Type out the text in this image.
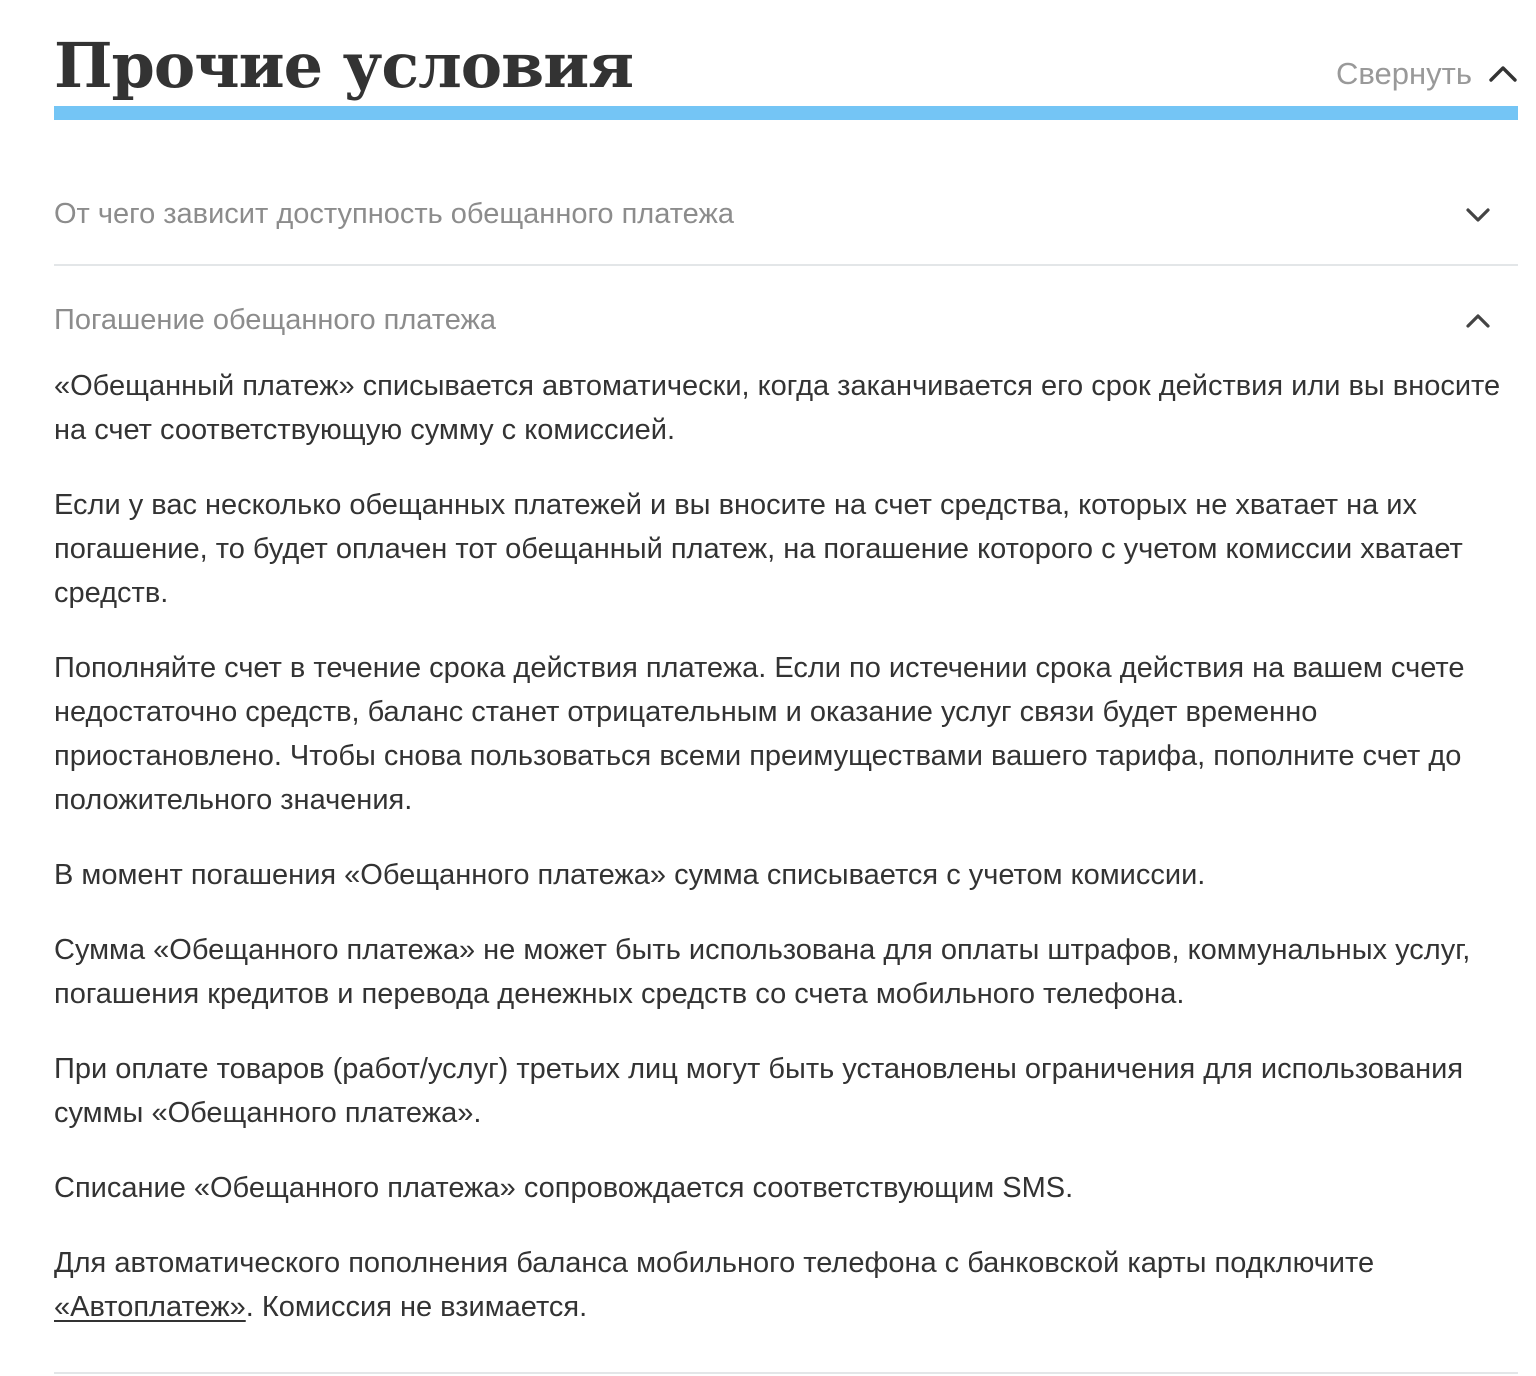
Прочие условия	Свернуть
От чего зависит доступность обещанного платежа
Погашение обещанного платежа

«Обещанный платеж» списывается автоматически, когда заканчивается его срок действия или вы вносите на счет соответствующую сумму с комиссией.

Если у вас несколько обещанных платежей и вы вносите на счет средства, которых не хватает на их погашение, то будет оплачен тот обещанный платеж, на погашение которого с учетом комиссии хватает средств.

Пополняйте счет в течение срока действия платежа. Если по истечении срока действия на вашем счете недостаточно средств, баланс станет отрицательным и оказание услуг связи будет временно приостановлено. Чтобы снова пользоваться всеми преимуществами вашего тарифа, пополните счет до положительного значения.

В момент погашения «Обещанного платежа» сумма списывается с учетом комиссии.

Сумма «Обещанного платежа» не может быть использована для оплаты штрафов, коммунальных услуг, погашения кредитов и перевода денежных средств со счета мобильного телефона.

При оплате товаров (работ/услуг) третьих лиц могут быть установлены ограничения для использования суммы «Обещанного платежа».

Списание «Обещанного платежа» сопровождается соответствующим SMS.

Для автоматического пополнения баланса мобильного телефона с банковской карты подключите «Автоплатеж». Комиссия не взимается.
